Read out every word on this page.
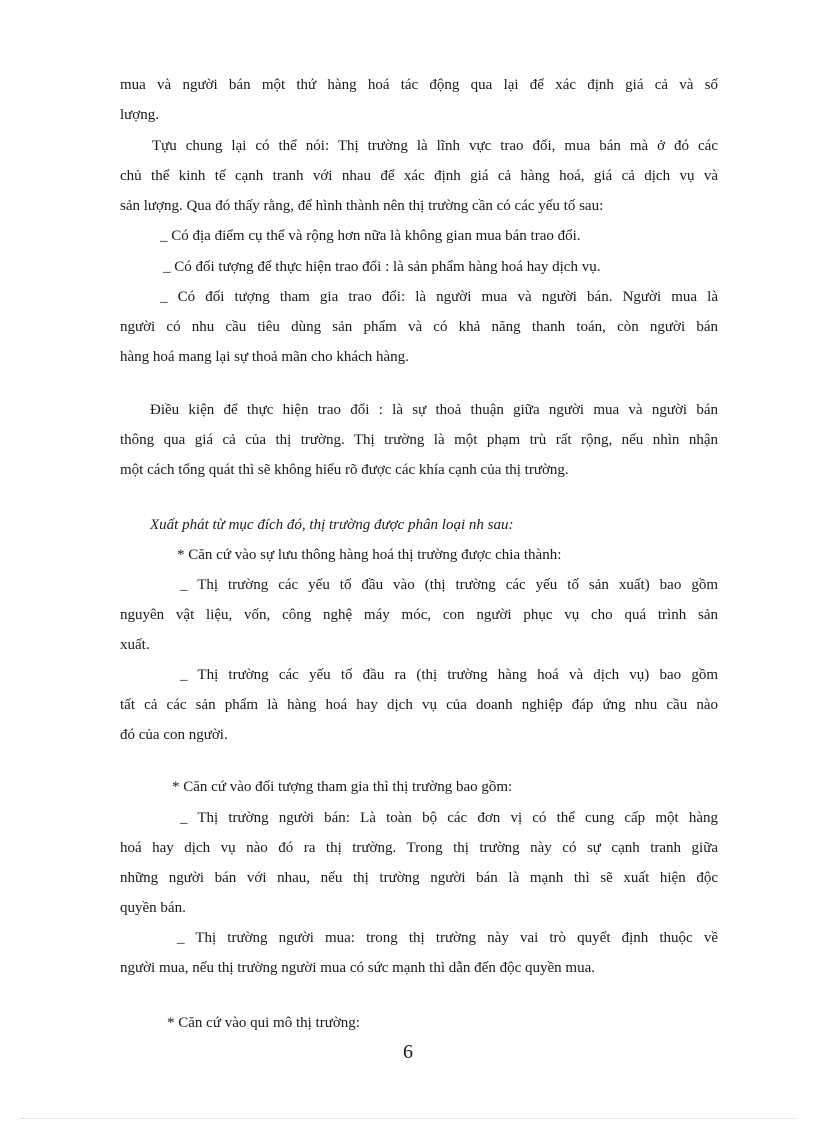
mua và người bán một thứ hàng hoá tác động qua lại để xác định giá cả và số
lượng.
Tựu chung lại có thể nói: Thị trường là lĩnh vực trao đổi, mua bán mà ở đó các
chủ thể kinh tế cạnh tranh với nhau để xác định giá cả hàng hoá, giá cả dịch vụ và
sản lượng. Qua đó thấy rằng, để hình thành nên thị trường cần có các yếu tố sau:
_ Có địa điểm cụ thể và rộng hơn nữa là không gian mua bán trao đổi.
_ Có đối tượng để thực hiện trao đổi : là sản phẩm hàng hoá hay dịch vụ.
_ Có đối tượng tham gia trao đổi: là người mua và người bán. Người mua là
người có nhu cầu tiêu dùng sản phẩm và có khả năng thanh toán, còn người bán
hàng hoá mang lại sự thoả mãn cho khách hàng.
Điều kiện để thực hiện trao đổi : là sự thoả thuận giữa người mua và người bán
thông qua giá cả của thị trường. Thị trường là một phạm trù rất rộng, nếu nhìn nhận
một cách tổng quát thì sẽ không hiểu rõ được các khía cạnh của thị trường.
Xuất phát từ mục đích đó, thị trường được phân loại nh sau:
* Căn cứ vào sự lưu thông hàng hoá thị trường được chia thành:
_ Thị trường các yếu tố đầu vào (thị trường các yếu tố sản xuất) bao gồm
nguyên vật liệu, vốn, công nghệ máy móc, con người phục vụ cho quá trình sản
xuất.
_ Thị trường các yếu tố đầu ra (thị trường hàng hoá và dịch vụ) bao gồm
tất cả các sản phẩm là hàng hoá hay dịch vụ của doanh nghiệp đáp ứng nhu cầu nào
đó của con người.
* Căn cứ vào đối tượng tham gia thì thị trường bao gồm:
_ Thị trường người bán: Là toàn bộ các đơn vị có thể cung cấp một hàng
hoá hay dịch vụ nào đó ra thị trường. Trong thị trường này có sự cạnh tranh giữa
những người bán với nhau, nếu thị trường người bán là mạnh thì sẽ xuất hiện độc
quyền bán.
_ Thị trường người mua: trong thị trường này vai trò quyết định thuộc về
người mua, nếu thị trường người mua có sức mạnh thì dẫn đến độc quyền mua.
* Căn cứ vào qui mô thị trường:
6
